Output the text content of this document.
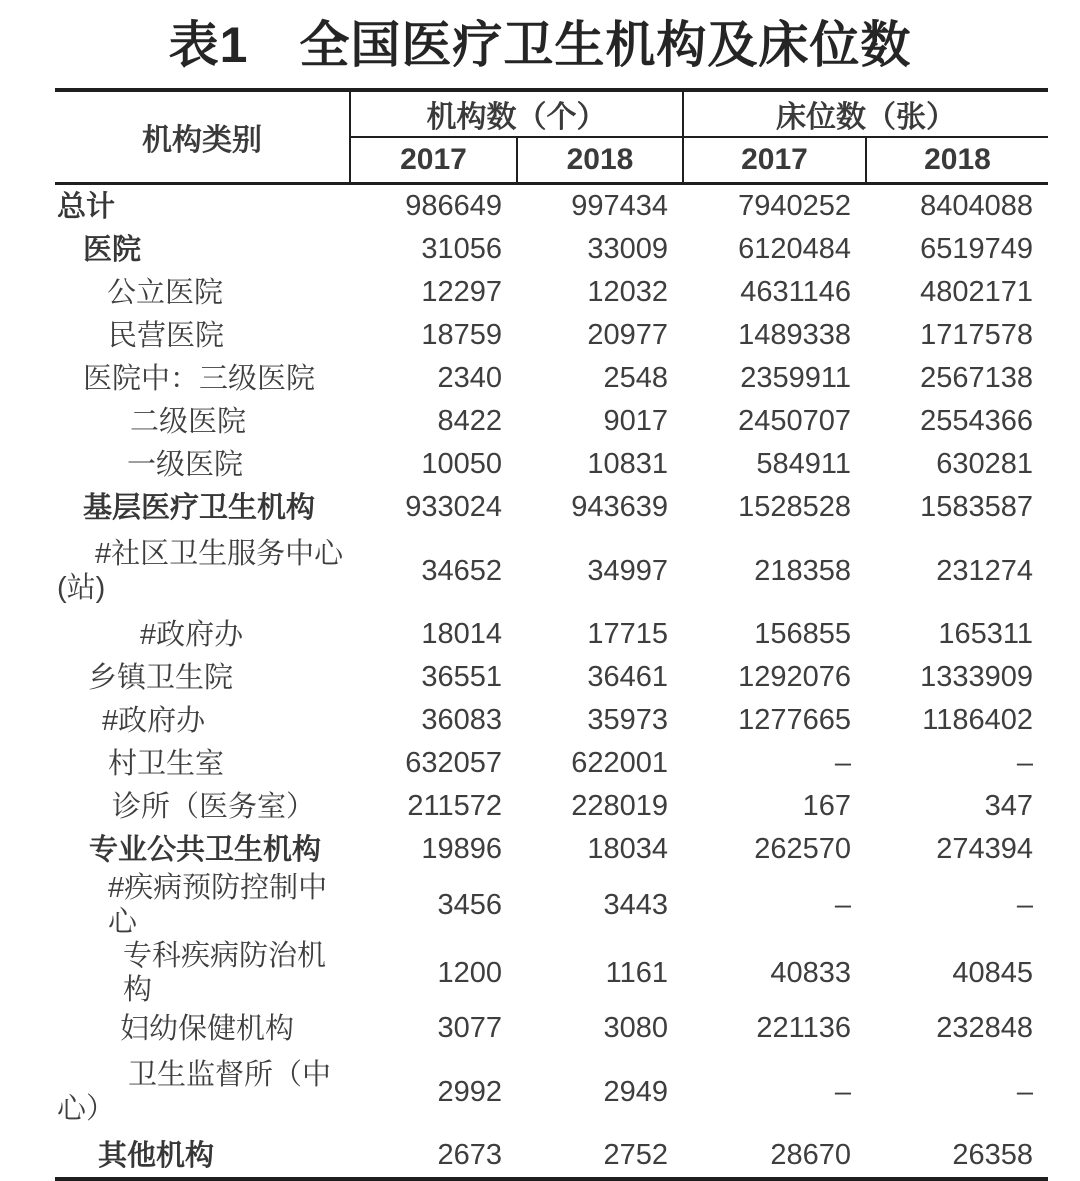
表1　全国医疗卫生机构及床位数
机构类别	机构数（个）		床位数（张）	
	2017	2018	2017	2018

总计	986649	997434	7940252	8404088

医院	31056	33009	6120484	6519749

公立医院	12297	12032	4631146	4802171

民营医院	18759	20977	1489338	1717578

医院中：三级医院	2340	2548	2359911	2567138

二级医院	8422	9017	2450707	2554366

一级医院	10050	10831	584911	630281

基层医疗卫生机构	933024	943639	1528528	1583587

#社区卫生服务中心
(站)	34652	34997	218358	231274

#政府办	18014	17715	156855	165311

乡镇卫生院	36551	36461	1292076	1333909

#政府办	36083	35973	1277665	1186402

村卫生室	632057	622001	–	–

诊所（医务室）	211572	228019	167	347

专业公共卫生机构	19896	18034	262570	274394

#疾病预防控制中心	3456	3443	–	–

专科疾病防治机构	1200	1161	40833	40845

妇幼保健机构	3077	3080	221136	232848

卫生监督所（中
心）	2992	2949	–	–

其他机构	2673	2752	28670	26358
